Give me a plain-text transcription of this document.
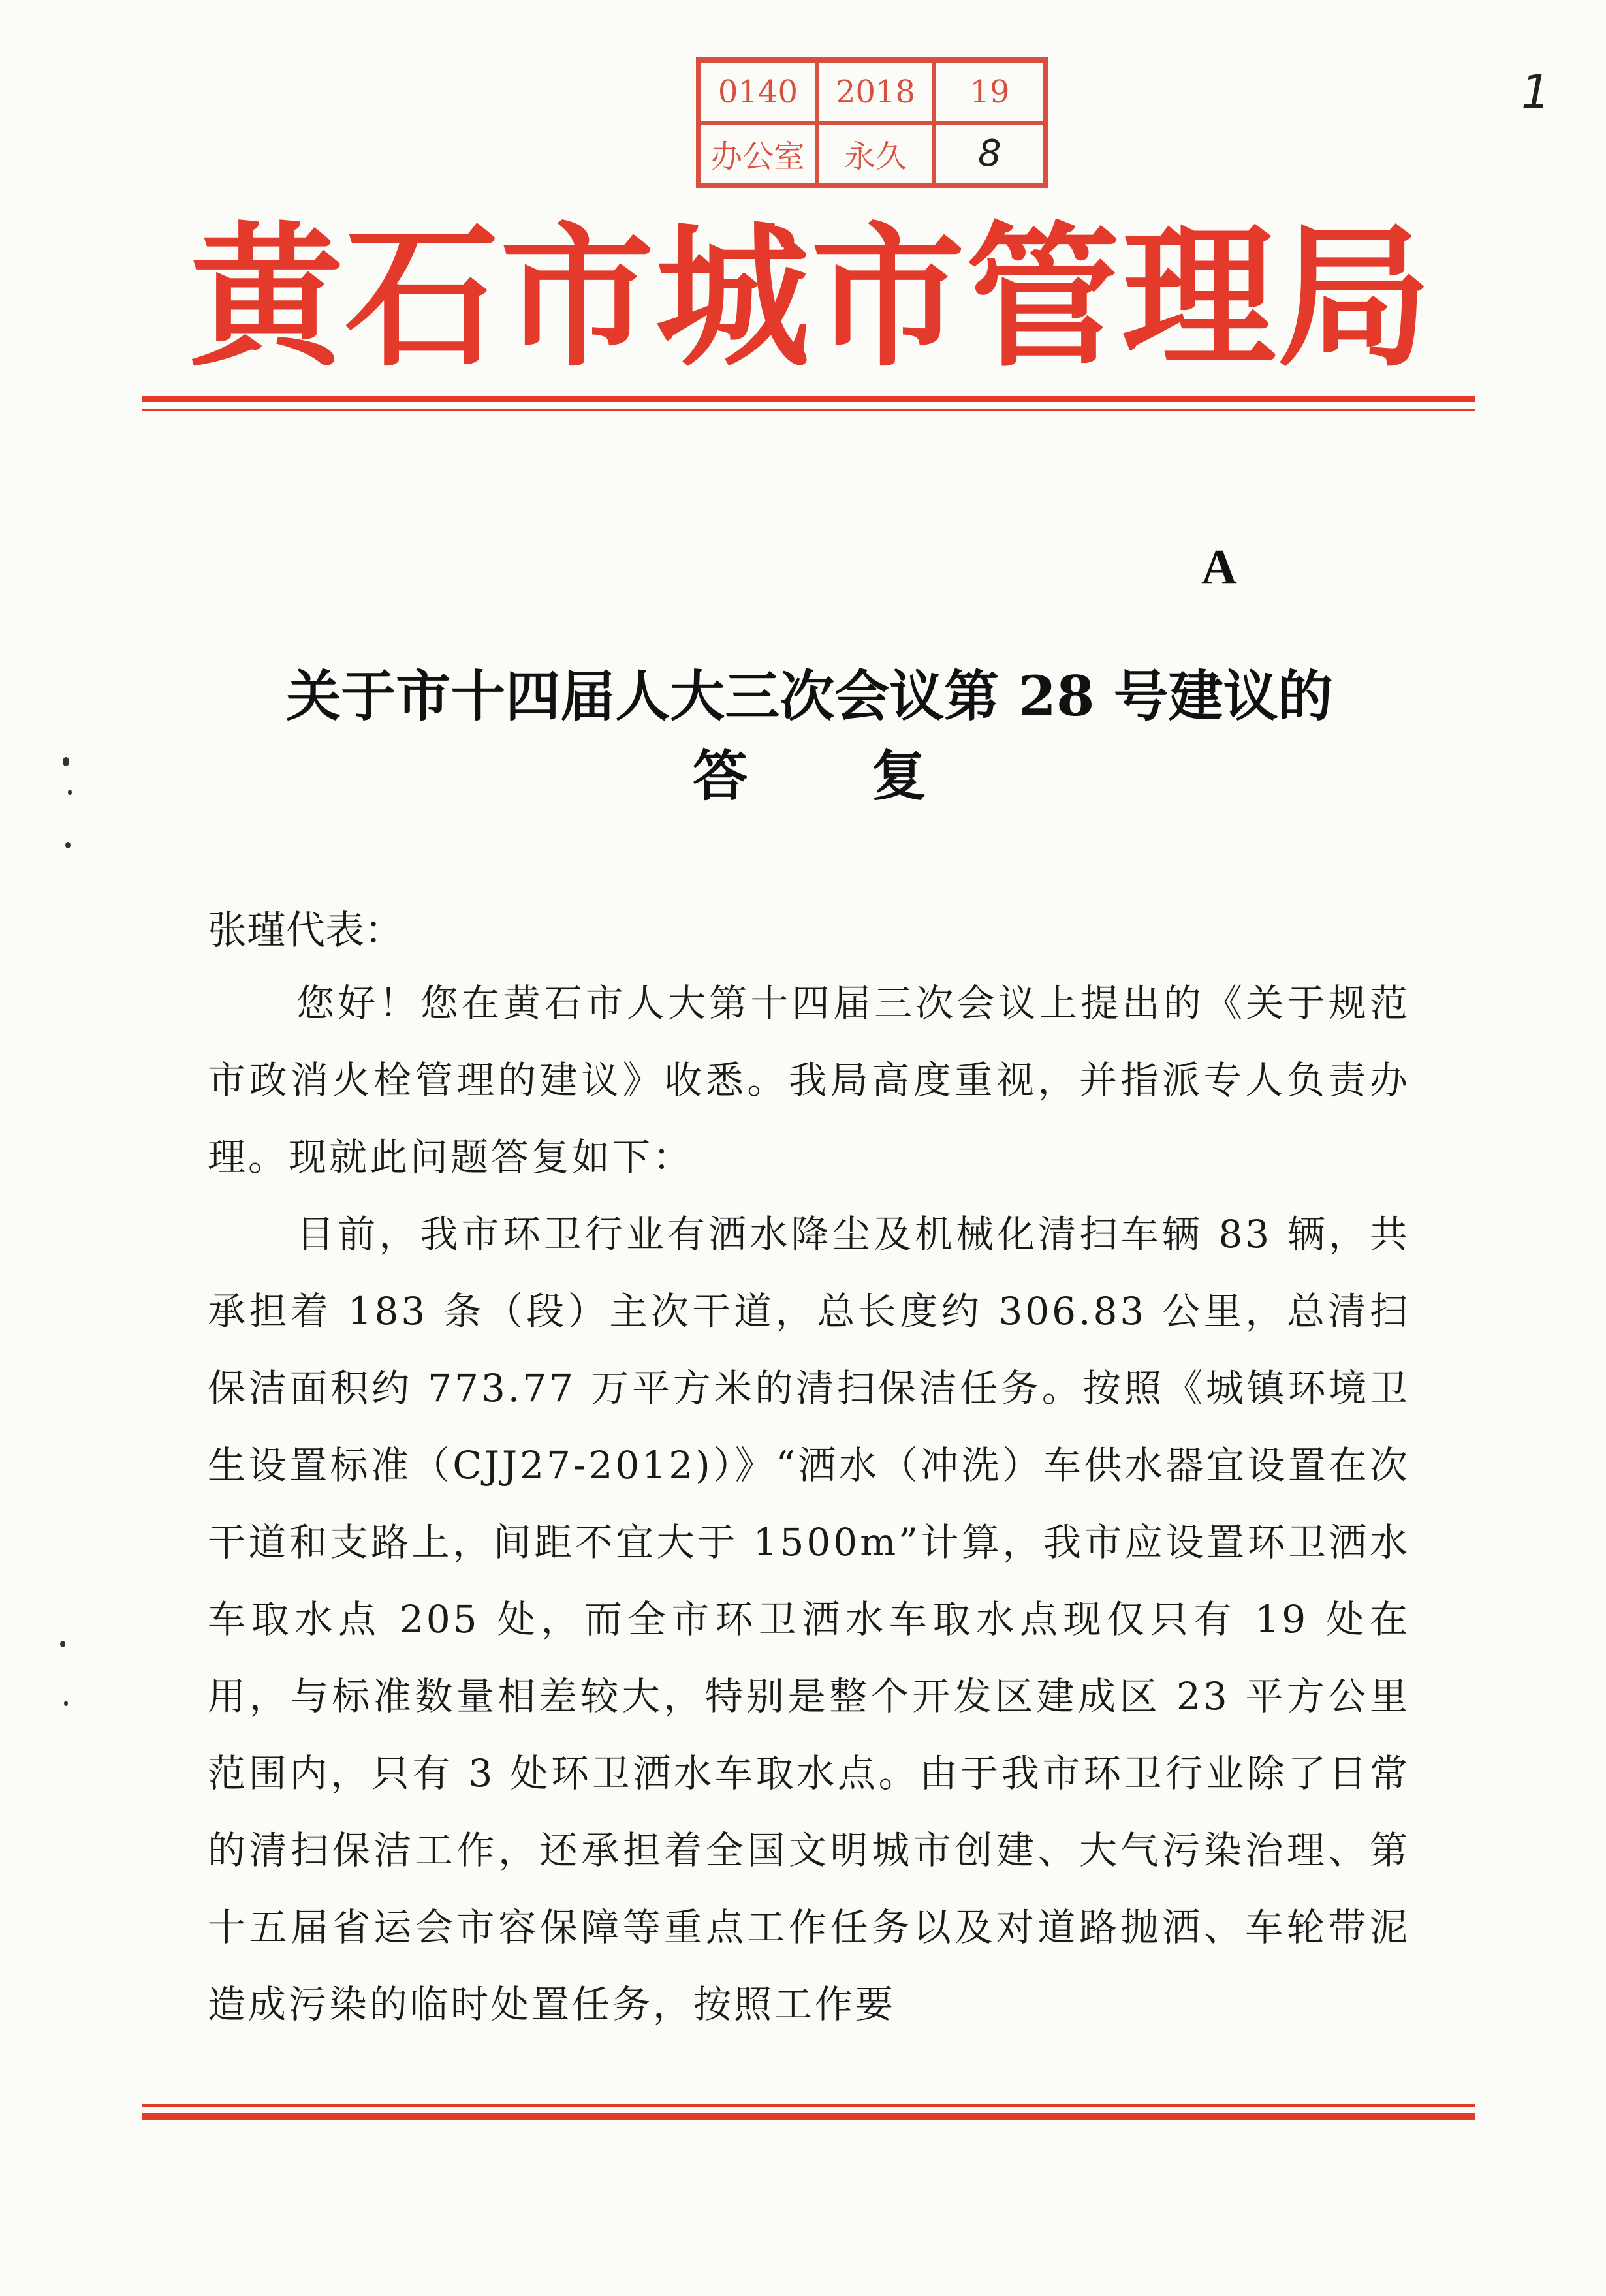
0140	2018	19
办公室	永久	8
1
黄石市城市管理局
A
关于市十四届人大三次会议第 28 号建议的
答复
张瑾代表：
您好！您在黄石市人大第十四届三次会议上提出的《关于规范市政消火栓管理的建议》收悉。我局高度重视，并指派专人负责办理。现就此问题答复如下：
目前，我市环卫行业有洒水降尘及机械化清扫车辆 83 辆，共承担着 183 条（段）主次干道，总长度约 306.83 公里，总清扫保洁面积约 773.77 万平方米的清扫保洁任务。按照《城镇环境卫生设置标准（CJJ27-2012)）》“洒水（冲洗）车供水器宜设置在次干道和支路上，间距不宜大于 1500m”计算，我市应设置环卫洒水车取水点 205 处，而全市环卫洒水车取水点现仅只有 19 处在用，与标准数量相差较大，特别是整个开发区建成区 23 平方公里范围内，只有 3 处环卫洒水车取水点。由于我市环卫行业除了日常的清扫保洁工作，还承担着全国文明城市创建、大气污染治理、第十五届省运会市容保障等重点工作任务以及对道路抛洒、车轮带泥造成污染的临时处置任务，按照工作要
